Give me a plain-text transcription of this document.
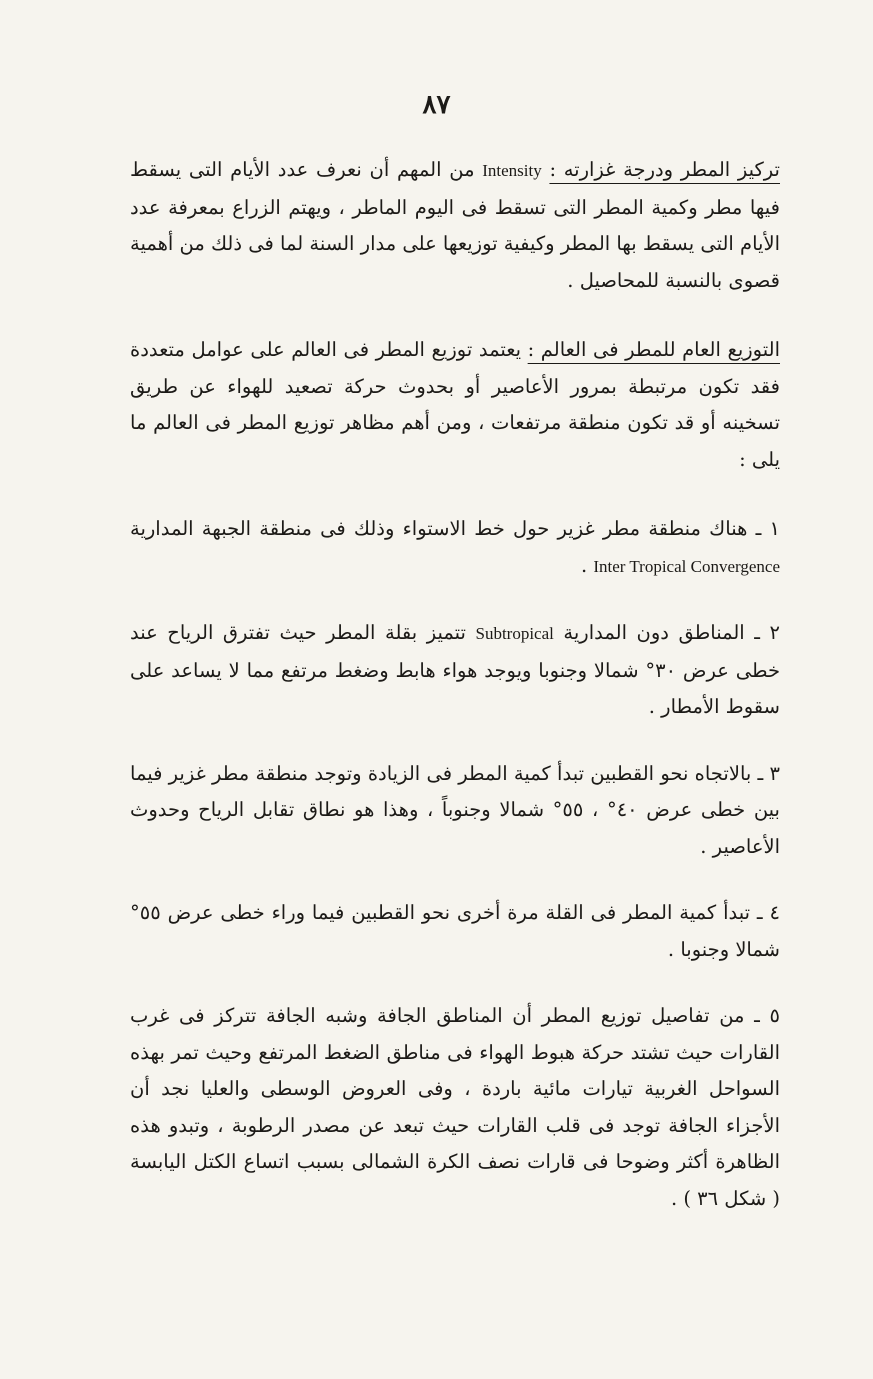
٨٧

تركيز المطر ودرجة غزارته : Intensity من المهم أن نعرف عدد الأيام التى يسقط فيها مطر وكمية المطر التى تسقط فى اليوم الماطر ، ويهتم الزراع بمعرفة عدد الأيام التى يسقط بها المطر وكيفية توزيعها على مدار السنة لما فى ذلك من أهمية قصوى بالنسبة للمحاصيل .

التوزيع العام للمطر فى العالم : يعتمد توزيع المطر فى العالم على عوامل متعددة فقد تكون مرتبطة بمرور الأعاصير أو بحدوث حركة تصعيد للهواء عن طريق تسخينه أو قد تكون منطقة مرتفعات ، ومن أهم مظاهر توزيع المطر فى العالم ما يلى :

١ ـ هناك منطقة مطر غزير حول خط الاستواء وذلك فى منطقة الجبهة المدارية Inter Tropical Convergence .

٢ ـ المناطق دون المدارية Subtropical تتميز بقلة المطر حيث تفترق الرياح عند خطى عرض ٣٠° شمالا وجنوبا ويوجد هواء هابط وضغط مرتفع مما لا يساعد على سقوط الأمطار .

٣ ـ بالاتجاه نحو القطبين تبدأ كمية المطر فى الزيادة وتوجد منطقة مطر غزير فيما بين خطى عرض ٤٠° ، ٥٥° شمالا وجنوباً ، وهذا هو نطاق تقابل الرياح وحدوث الأعاصير .

٤ ـ تبدأ كمية المطر فى القلة مرة أخرى نحو القطبين فيما وراء خطى عرض ٥٥° شمالا وجنوبا .

٥ ـ من تفاصيل توزيع المطر أن المناطق الجافة وشبه الجافة تتركز فى غرب القارات حيث تشتد حركة هبوط الهواء فى مناطق الضغط المرتفع وحيث تمر بهذه السواحل الغربية تيارات مائية باردة ، وفى العروض الوسطى والعليا نجد أن الأجزاء الجافة توجد فى قلب القارات حيث تبعد عن مصدر الرطوبة ، وتبدو هذه الظاهرة أكثر وضوحا فى قارات نصف الكرة الشمالى بسبب اتساع الكتل اليابسة ( شكل ٣٦ ) .
